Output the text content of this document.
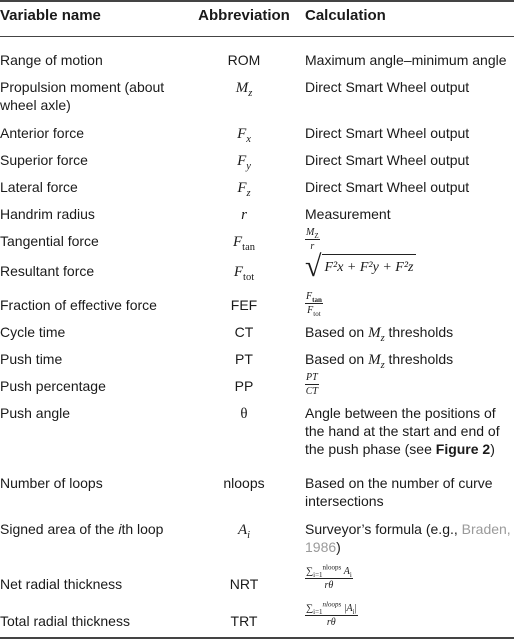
Variable name	Abbreviation Calculation
Range of motion	ROM	Maximum angle–minimum angle
Propulsion moment (about
wheel axle)
$M_z$	Direct Smart Wheel output
Anterior force	$F_x$	Direct Smart Wheel output
Superior force	$F_y$	Direct Smart Wheel output
Lateral force	$F_z$	Direct Smart Wheel output
Handrim radius	r	Measurement
Tangential force	$F_{tan}$	$\frac{M_Z}{r}$
Resultant force	$F_{tot}$	√ F²x + F²y + F²z
Fraction of effective force	FEF	$\frac{F_{tan}}{F_{tot}}$
Cycle time	CT	Based on $M_z$ thresholds
Push time	PT	Based on $M_z$ thresholds
Push percentage	PP	$\frac{PT}{CT}$
Push angle	θ	Angle between the positions of
the hand at the start and end of
the push phase (see Figure 2)
Number of loops	nloops	Based on the number of curve
intersections
Signed area of the ith loop	$A_i$	Surveyor’s formula (e.g., Braden,
1986)
Net radial thickness	NRT	$\frac{\sum_{i=1}^{nloops} A_i}{r\theta}$
Total radial thickness	TRT	$\frac{\sum_{i=1}^{nloops} |A_i|}{r\theta}$
